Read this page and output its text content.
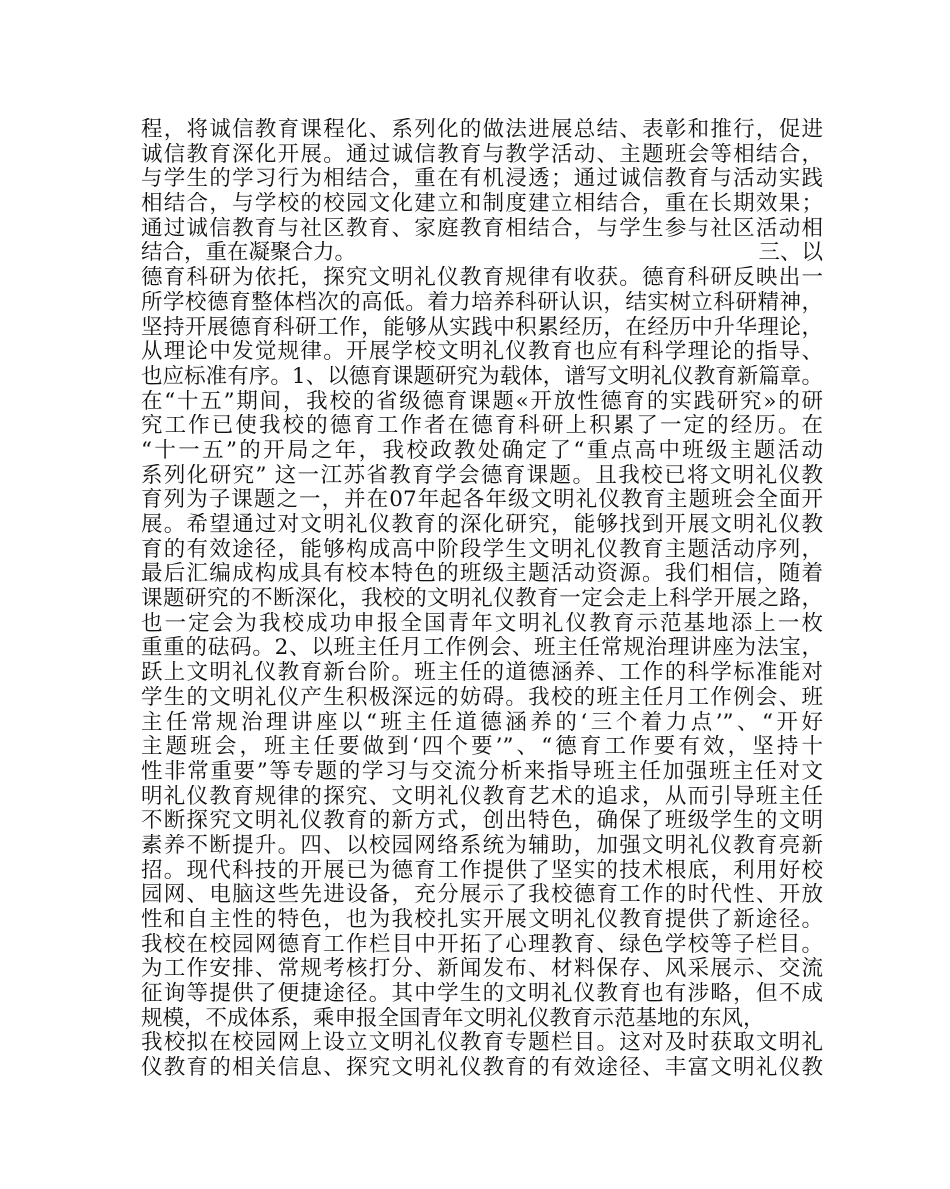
程，将诚信教育课程化、系列化的做法进展总结、表彰和推行，促进
诚信教育深化开展。通过诚信教育与教学活动、主题班会等相结合，
与学生的学习行为相结合，重在有机浸透；通过诚信教育与活动实践
相结合，与学校的校园文化建立和制度建立相结合，重在长期效果；
通过诚信教育与社区教育、家庭教育相结合，与学生参与社区活动相
结合，重在凝聚合力。	三、以
德育科研为依托，探究文明礼仪教育规律有收获。德育科研反映出一
所学校德育整体档次的高低。着力培养科研认识，结实树立科研精神，
坚持开展德育科研工作，能够从实践中积累经历，在经历中升华理论，
从理论中发觉规律。开展学校文明礼仪教育也应有科学理论的指导、
也应标准有序。1、以德育课题研究为载体，谱写文明礼仪教育新篇章。
在“十五”期间，我校的省级德育课题«开放性德育的实践研究»的研
究工作已使我校的德育工作者在德育科研上积累了一定的经历。在
“十一五”的开局之年，我校政教处确定了“重点高中班级主题活动
系列化研究” 这一江苏省教育学会德育课题。且我校已将文明礼仪教
育列为子课题之一，并在07年起各年级文明礼仪教育主题班会全面开
展。希望通过对文明礼仪教育的深化研究，能够找到开展文明礼仪教
育的有效途径，能够构成高中阶段学生文明礼仪教育主题活动序列，
最后汇编成构成具有校本特色的班级主题活动资源。我们相信，随着
课题研究的不断深化，我校的文明礼仪教育一定会走上科学开展之路，
也一定会为我校成功申报全国青年文明礼仪教育示范基地添上一枚
重重的砝码。2、以班主任月工作例会、班主任常规治理讲座为法宝，
跃上文明礼仪教育新台阶。班主任的道德涵养、工作的科学标准能对
学生的文明礼仪产生积极深远的妨碍。我校的班主任月工作例会、班
主任常规治理讲座以“班主任道德涵养的‘三个着力点’”、“开好
主题班会，班主任要做到‘四个要’”、“德育工作要有效，坚持十
性非常重要”等专题的学习与交流分析来指导班主任加强班主任对文
明礼仪教育规律的探究、文明礼仪教育艺术的追求，从而引导班主任
不断探究文明礼仪教育的新方式，创出特色，确保了班级学生的文明
素养不断提升。四、以校园网络系统为辅助，加强文明礼仪教育亮新
招。现代科技的开展已为德育工作提供了坚实的技术根底，利用好校
园网、电脑这些先进设备，充分展示了我校德育工作的时代性、开放
性和自主性的特色，也为我校扎实开展文明礼仪教育提供了新途径。
我校在校园网德育工作栏目中开拓了心理教育、绿色学校等子栏目。
为工作安排、常规考核打分、新闻发布、材料保存、风采展示、交流
征询等提供了便捷途径。其中学生的文明礼仪教育也有涉略，但不成
规模，不成体系，乘申报全国青年文明礼仪教育示范基地的东风，
我校拟在校园网上设立文明礼仪教育专题栏目。这对及时获取文明礼
仪教育的相关信息、探究文明礼仪教育的有效途径、丰富文明礼仪教
